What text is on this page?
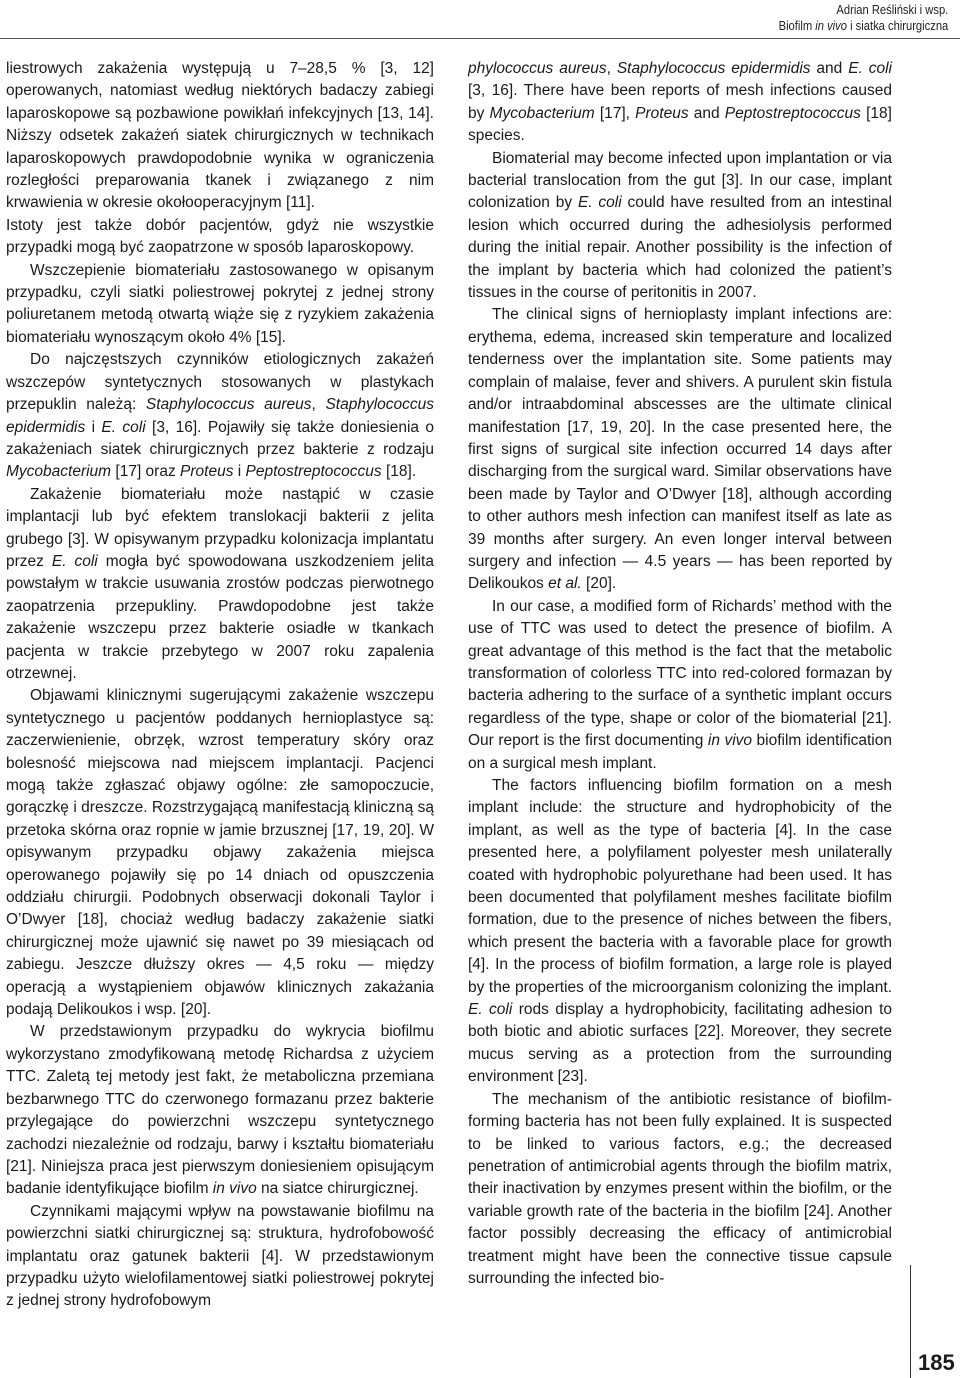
Adrian Reśliński i wsp.
Biofilm in vivo i siatka chirurgiczna

liestrowych zakażenia występują u 7–28,5 % [3, 12] operowanych, natomiast według niektórych badaczy zabiegi laparoskopowe są pozbawione powikłań infekcyjnych [13, 14]. Niższy odsetek zakażeń siatek chirurgicznych w technikach laparoskopowych prawdopodobnie wynika w ograniczenia rozległości preparowania tkanek i związanego z nim krwawienia w okresie okołooperacyjnym [11].

Istoty jest także dobór pacjentów, gdyż nie wszystkie przypadki mogą być zaopatrzone w sposób laparoskopowy.

Wszczepienie biomateriału zastosowanego w opisanym przypadku, czyli siatki poliestrowej pokrytej z jednej strony poliuretanem metodą otwartą wiąże się z ryzykiem zakażenia biomateriału wynoszącym około 4% [15].

Do najczęstszych czynników etiologicznych zakażeń wszczepów syntetycznych stosowanych w plastykach przepuklin należą: Staphylococcus aureus, Staphylococcus epidermidis i E. coli [3, 16]. Pojawiły się także doniesienia o zakażeniach siatek chirurgicznych przez bakterie z rodzaju Mycobacterium [17] oraz Proteus i Peptostreptococcus [18].

Zakażenie biomateriału może nastąpić w czasie implantacji lub być efektem translokacji bakterii z jelita grubego [3]. W opisywanym przypadku kolonizacja implantatu przez E. coli mogła być spowodowana uszkodzeniem jelita powstałym w trakcie usuwania zrostów podczas pierwotnego zaopatrzenia przepukliny. Prawdopodobne jest także zakażenie wszczepu przez bakterie osiadłe w tkankach pacjenta w trakcie przebytego w 2007 roku zapalenia otrzewnej.

Objawami klinicznymi sugerującymi zakażenie wszczepu syntetycznego u pacjentów poddanych hernioplastyce są: zaczerwienienie, obrzęk, wzrost temperatury skóry oraz bolesność miejscowa nad miejscem implantacji. Pacjenci mogą także zgłaszać objawy ogólne: złe samopoczucie, gorączkę i dreszcze. Rozstrzygającą manifestacją kliniczną są przetoka skórna oraz ropnie w jamie brzusznej [17, 19, 20]. W opisywanym przypadku objawy zakażenia miejsca operowanego pojawiły się po 14 dniach od opuszczenia oddziału chirurgii. Podobnych obserwacji dokonali Taylor i O’Dwyer [18], chociaż według badaczy zakażenie siatki chirurgicznej może ujawnić się nawet po 39 miesiącach od zabiegu. Jeszcze dłuższy okres — 4,5 roku — między operacją a wystąpieniem objawów klinicznych zakażania podają Delikoukos i wsp. [20].

W przedstawionym przypadku do wykrycia biofilmu wykorzystano zmodyfikowaną metodę Richardsa z użyciem TTC. Zaletą tej metody jest fakt, że metaboliczna przemiana bezbarwnego TTC do czerwonego formazanu przez bakterie przylegające do powierzchni wszczepu syntetycznego zachodzi niezależnie od rodzaju, barwy i kształtu biomateriału [21]. Niniejsza praca jest pierwszym doniesieniem opisującym badanie identyfikujące biofilm in vivo na siatce chirurgicznej.

Czynnikami mającymi wpływ na powstawanie biofilmu na powierzchni siatki chirurgicznej są: struktura, hydrofobowość implantatu oraz gatunek bakterii [4]. W przedstawionym przypadku użyto wielofilamentowej siatki poliestrowej pokrytej z jednej strony hydrofobowym

phylococcus aureus, Staphylococcus epidermidis and E. coli [3, 16]. There have been reports of mesh infections caused by Mycobacterium [17], Proteus and Peptostreptococcus [18] species.

Biomaterial may become infected upon implantation or via bacterial translocation from the gut [3]. In our case, implant colonization by E. coli could have resulted from an intestinal lesion which occurred during the adhesiolysis performed during the initial repair. Another possibility is the infection of the implant by bacteria which had colonized the patient’s tissues in the course of peritonitis in 2007.

The clinical signs of hernioplasty implant infections are: erythema, edema, increased skin temperature and localized tenderness over the implantation site. Some patients may complain of malaise, fever and shivers. A purulent skin fistula and/or intraabdominal abscesses are the ultimate clinical manifestation [17, 19, 20]. In the case presented here, the first signs of surgical site infection occurred 14 days after discharging from the surgical ward. Similar observations have been made by Taylor and O’Dwyer [18], although according to other authors mesh infection can manifest itself as late as 39 months after surgery. An even longer interval between surgery and infection — 4.5 years — has been reported by Delikoukos et al. [20].

In our case, a modified form of Richards’ method with the use of TTC was used to detect the presence of biofilm. A great advantage of this method is the fact that the metabolic transformation of colorless TTC into red-colored formazan by bacteria adhering to the surface of a synthetic implant occurs regardless of the type, shape or color of the biomaterial [21]. Our report is the first documenting in vivo biofilm identification on a surgical mesh implant.

The factors influencing biofilm formation on a mesh implant include: the structure and hydrophobicity of the implant, as well as the type of bacteria [4]. In the case presented here, a polyfilament polyester mesh unilaterally coated with hydrophobic polyurethane had been used. It has been documented that polyfilament meshes facilitate biofilm formation, due to the presence of niches between the fibers, which present the bacteria with a favorable place for growth [4]. In the process of biofilm formation, a large role is played by the properties of the microorganism colonizing the implant. E. coli rods display a hydrophobicity, facilitating adhesion to both biotic and abiotic surfaces [22]. Moreover, they secrete mucus serving as a protection from the surrounding environment [23].

The mechanism of the antibiotic resistance of biofilm-forming bacteria has not been fully explained. It is suspected to be linked to various factors, e.g.; the decreased penetration of antimicrobial agents through the biofilm matrix, their inactivation by enzymes present within the biofilm, or the variable growth rate of the bacteria in the biofilm [24]. Another factor possibly decreasing the efficacy of antimicrobial treatment might have been the connective tissue capsule surrounding the infected bio-

185
